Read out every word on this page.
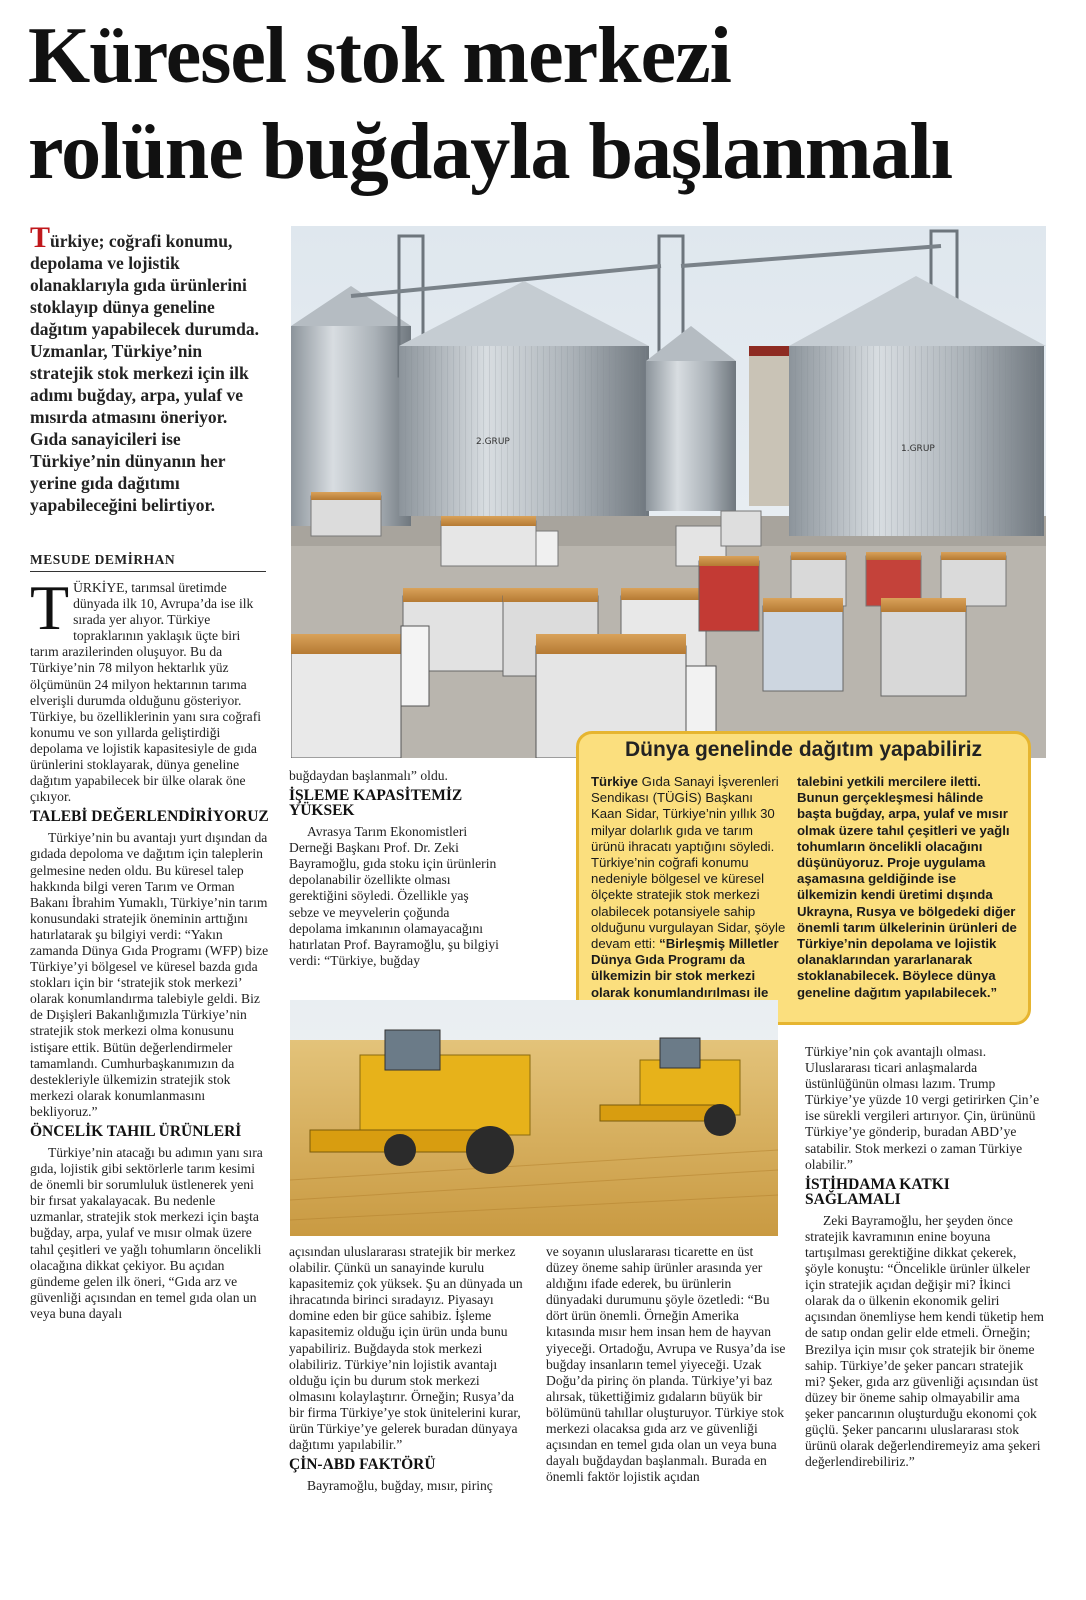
Küresel stok merkezi
rolüne buğdayla başlanmalı

Türkiye; coğrafi konumu, depolama ve lojistik olanaklarıyla gıda ürünlerini stoklayıp dünya geneline dağıtım yapabilecek durumda. Uzmanlar, Türkiye’nin stratejik stok merkezi için ilk adımı buğday, arpa, yulaf ve mısırda atmasını öneriyor. Gıda sanayicileri ise Türkiye’nin dünyanın her yerine gıda dağıtımı yapabileceğini belirtiyor.

MESUDE DEMİRHAN
2.GRUP
1.GRUP

TÜRKİYE, tarımsal üretimde dünyada ilk 10, Avrupa’da ise ilk sırada yer alıyor. Türkiye topraklarının yaklaşık üçte biri tarım arazilerinden oluşuyor. Bu da Türkiye’nin 78 milyon hektarlık yüz ölçümünün 24 milyon hektarının tarıma elverişli durumda olduğunu gösteriyor. Türkiye, bu özelliklerinin yanı sıra coğrafi konumu ve son yıllarda geliştirdiği depolama ve lojistik kapasitesiyle de gıda ürünlerini stoklayarak, dünya geneline dağıtım yapabilecek bir ülke olarak öne çıkıyor.

TALEBİ DEĞERLENDİRİYORUZ

Türkiye’nin bu avantajı yurt dışından da gıdada depoloma ve dağıtım için taleplerin gelmesine neden oldu. Bu küresel talep hakkında bilgi veren Tarım ve Orman Bakanı İbrahim Yumaklı, Türkiye’nin tarım konusundaki stratejik öneminin arttığını hatırlatarak şu bilgiyi verdi: “Yakın zamanda Dünya Gıda Programı (WFP) bize Türkiye’yi bölgesel ve küresel bazda gıda stokları için bir ‘stratejik stok merkezi’ olarak konumlandırma talebiyle geldi. Biz de Dışişleri Bakanlığımızla Türkiye’nin stratejik stok merkezi olma konusunu istişare ettik. Bütün değerlendirmeler tamamlandı. Cumhurbaşkanımızın da destekleriyle ülkemizin stratejik stok merkezi olarak konumlanmasını bekliyoruz.”

ÖNCELİK TAHIL ÜRÜNLERİ

Türkiye’nin atacağı bu adımın yanı sıra gıda, lojistik gibi sektörlerle tarım kesimi de önemli bir sorumluluk üstlenerek yeni bir fırsat yakalayacak. Bu nedenle uzmanlar, stratejik stok merkezi için başta buğday, arpa, yulaf ve mısır olmak üzere tahıl çeşitleri ve yağlı tohumların öncelikli olacağına dikkat çekiyor. Bu açıdan gündeme gelen ilk öneri, “Gıda arz ve güvenliği açısından en temel gıda olan un veya buna dayalı

buğdaydan başlanmalı” oldu.

İŞLEME KAPASİTEMİZ YÜKSEK

Avrasya Tarım Ekonomistleri Derneği Başkanı Prof. Dr. Zeki Bayramoğlu, gıda stoku için ürünlerin depolanabilir özellikte olması gerektiğini söyledi. Özellikle yaş sebze ve meyvelerin çoğunda depolama imkanının olamayacağını hatırlatan Prof. Bayramoğlu, şu bilgiyi verdi: “Türkiye, buğday

Dünya genelinde dağıtım yapabiliriz

Türkiye Gıda Sanayi İşverenleri Sendikası (TÜGİS) Başkanı Kaan Sidar, Türkiye’nin yıllık 30 milyar dolarlık gıda ve tarım ürünü ihracatı yaptığını söyledi. Türkiye’nin coğrafi konumu nedeniyle bölgesel ve küresel ölçekte stratejik stok merkezi olabilecek potansiyele sahip olduğunu vurgulayan Sidar, şöyle devam etti: “Birleşmiş Milletler Dünya Gıda Programı da ülkemizin bir stok merkezi olarak konumlandırılması ile

talebini yetkili mercilere iletti. Bunun gerçekleşmesi hâlinde başta buğday, arpa, yulaf ve mısır olmak üzere tahıl çeşitleri ve yağlı tohumların öncelikli olacağını düşünüyoruz. Proje uygulama aşamasına geldiğinde ise ülkemizin kendi üretimi dışında Ukrayna, Rusya ve bölgedeki diğer önemli tarım ülkelerinin ürünleri de Türkiye’nin depolama ve lojistik olanaklarından yararlanarak stoklanabilecek. Böylece dünya geneline dağıtım yapılabilecek.”

açısından uluslararası stratejik bir merkez olabilir. Çünkü un sanayinde kurulu kapasitemiz çok yüksek. Şu an dünyada un ihracatında birinci sıradayız. Piyasayı domine eden bir güce sahibiz. İşleme kapasitemiz olduğu için ürün unda bunu yapabiliriz. Buğdayda stok merkezi olabiliriz. Türkiye’nin lojistik avantajı olduğu için bu durum stok merkezi olmasını kolaylaştırır. Örneğin; Rusya’da bir firma Türkiye’ye stok ünitelerini kurar, ürün Türkiye’ye gelerek buradan dünyaya dağıtımı yapılabilir.”

ÇİN-ABD FAKTÖRÜ

Bayramoğlu, buğday, mısır, pirinç

ve soyanın uluslararası ticarette en üst düzey öneme sahip ürünler arasında yer aldığını ifade ederek, bu ürünlerin dünyadaki durumunu şöyle özetledi: “Bu dört ürün önemli. Örneğin Amerika kıtasında mısır hem insan hem de hayvan yiyeceği. Ortadoğu, Avrupa ve Rusya’da ise buğday insanların temel yiyeceği. Uzak Doğu’da pirinç ön planda. Türkiye’yi baz alırsak, tükettiğimiz gıdaların büyük bir bölümünü tahıllar oluşturuyor. Türkiye stok merkezi olacaksa gıda arz ve güvenliği açısından en temel gıda olan un veya buna dayalı buğdaydan başlanmalı. Burada en önemli faktör lojistik açıdan

Türkiye’nin çok avantajlı olması. Uluslararası ticari anlaşmalarda üstünlüğünün olması lazım. Trump Türkiye’ye yüzde 10 vergi getirirken Çin’e ise sürekli vergileri artırıyor. Çin, ürününü Türkiye’ye gönderip, buradan ABD’ye satabilir. Stok merkezi o zaman Türkiye olabilir.”

İSTİHDAMA KATKI SAĞLAMALI

Zeki Bayramoğlu, her şeyden önce stratejik kavramının enine boyuna tartışılması gerektiğine dikkat çekerek, şöyle konuştu: “Öncelikle ürünler ülkeler için stratejik açıdan değişir mi? İkinci olarak da o ülkenin ekonomik geliri açısından önemliyse hem kendi tüketip hem de satıp ondan gelir elde etmeli. Örneğin; Brezilya için mısır çok stratejik bir öneme sahip. Türkiye’de şeker pancarı stratejik mi? Şeker, gıda arz güvenliği açısından üst düzey bir öneme sahip olmayabilir ama şeker pancarının oluşturduğu ekonomi çok güçlü. Şeker pancarını uluslararası stok ürünü olarak değerlendiremeyiz ama şekeri değerlendirebiliriz.”
